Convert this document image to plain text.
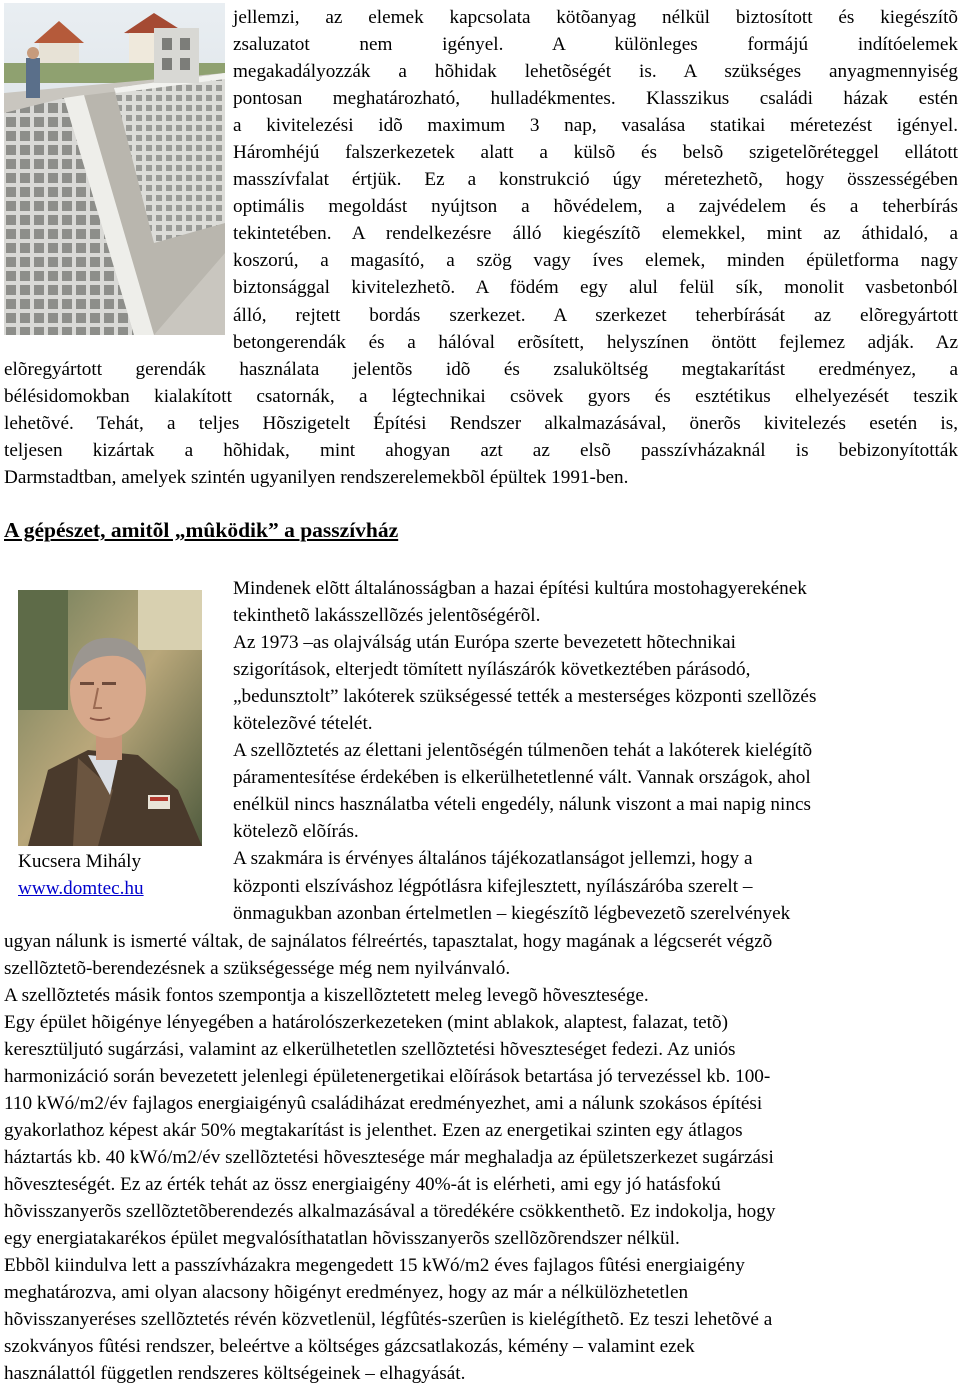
jellemzi, az elemek kapcsolata kötõanyag nélkül biztosított és kiegészítõ
zsaluzatot nem igényel. A különleges formájú indítóelemek
megakadályozzák a hõhidak lehetõségét is. A szükséges anyagmennyiség
pontosan meghatározható, hulladékmentes. Klasszikus családi házak estén
a kivitelezési idõ maximum 3 nap, vasalása statikai méretezést igényel.
Háromhéjú falszerkezetek alatt a külsõ és belsõ szigetelõréteggel ellátott
masszívfalat értjük. Ez a konstrukció úgy méretezhetõ, hogy összességében
optimális megoldást nyújtson a hõvédelem, a zajvédelem és a teherbírás
tekintetében. A rendelkezésre álló kiegészítõ elemekkel, mint az áthidaló, a
koszorú, a magasító, a szög vagy íves elemek, minden épületforma nagy
biztonsággal kivitelezhetõ. A födém egy alul felül sík, monolit vasbetonból
álló, rejtett bordás szerkezet. A szerkezet teherbírását az elõregyártott
betongerendák és a hálóval erõsített, helyszínen öntött fejlemez adják. Az
elõregyártott gerendák használata jelentõs idõ és zsaluköltség megtakarítást eredményez, a
bélésidomokban kialakított csatornák, a légtechnikai csövek gyors és esztétikus elhelyezését teszik
lehetõvé. Tehát, a teljes Hõszigetelt Építési Rendszer alkalmazásával, önerõs kivitelezés esetén is,
teljesen kizártak a hõhidak, mint ahogyan azt az elsõ passzívházaknál is bebizonyították
Darmstadtban, amelyek szintén ugyanilyen rendszerelemekbõl épültek 1991-ben.
A gépészet, amitõl „mûködik” a passzívház
Kucsera Mihály
www.domtec.hu
Mindenek elõtt általánosságban a hazai építési kultúra mostohagyerekének
tekinthetõ lakásszellõzés jelentõségérõl.
Az 1973 –as olajválság után Európa szerte bevezetett hõtechnikai
szigorítások, elterjedt tömített nyílászárók következtében párásodó,
„bedunsztolt” lakóterek szükségessé tették a mesterséges központi szellõzés
kötelezõvé tételét.
A szellõztetés az élettani jelentõségén túlmenõen tehát a lakóterek kielégítõ
páramentesítése érdekében is elkerülhetetlenné vált. Vannak országok, ahol
enélkül nincs használatba vételi engedély, nálunk viszont a mai napig nincs
kötelezõ elõírás.
A szakmára is érvényes általános tájékozatlanságot jellemzi, hogy a
központi elszíváshoz légpótlásra kifejlesztett, nyílászáróba szerelt –
önmagukban azonban értelmetlen – kiegészítõ légbevezetõ szerelvények
ugyan nálunk is ismerté váltak, de sajnálatos félreértés, tapasztalat, hogy magának a légcserét végzõ
szellõztetõ-berendezésnek a szükségessége még nem nyilvánvaló.
A szellõztetés másik fontos szempontja a kiszellõztetett meleg levegõ hõvesztesége.
Egy épület hõigénye lényegében a határolószerkezeteken (mint ablakok, alaptest, falazat, tetõ)
keresztüljutó sugárzási, valamint az elkerülhetetlen szellõztetési hõveszteséget fedezi. Az uniós
harmonizáció során bevezetett jelenlegi épületenergetikai elõírások betartása jó tervezéssel kb. 100-
110 kWó/m2/év fajlagos energiaigényû családiházat eredményezhet, ami a nálunk szokásos építési
gyakorlathoz képest akár 50% megtakarítást is jelenthet. Ezen az energetikai szinten egy átlagos
háztartás kb. 40 kWó/m2/év szellõztetési hõvesztesége már meghaladja az épületszerkezet sugárzási
hõveszteségét. Ez az érték tehát az össz energiaigény 40%-át is elérheti, ami egy jó hatásfokú
hõvisszanyerõs szellõztetõberendezés alkalmazásával a töredékére csökkenthetõ. Ez indokolja, hogy
egy energiatakarékos épület megvalósíthatatlan hõvisszanyerõs szellõzõrendszer nélkül.
Ebbõl kiindulva lett a passzívházakra megengedett 15 kWó/m2 éves fajlagos fûtési energiaigény
meghatározva, ami olyan alacsony hõigényt eredményez, hogy az már a nélkülözhetetlen
hõvisszanyeréses szellõztetés révén közvetlenül, légfûtés-szerûen is kielégíthetõ. Ez teszi lehetõvé a
szokványos fûtési rendszer, beleértve a költséges gázcsatlakozás, kémény – valamint ezek
használattól független rendszeres költségeinek – elhagyását.
